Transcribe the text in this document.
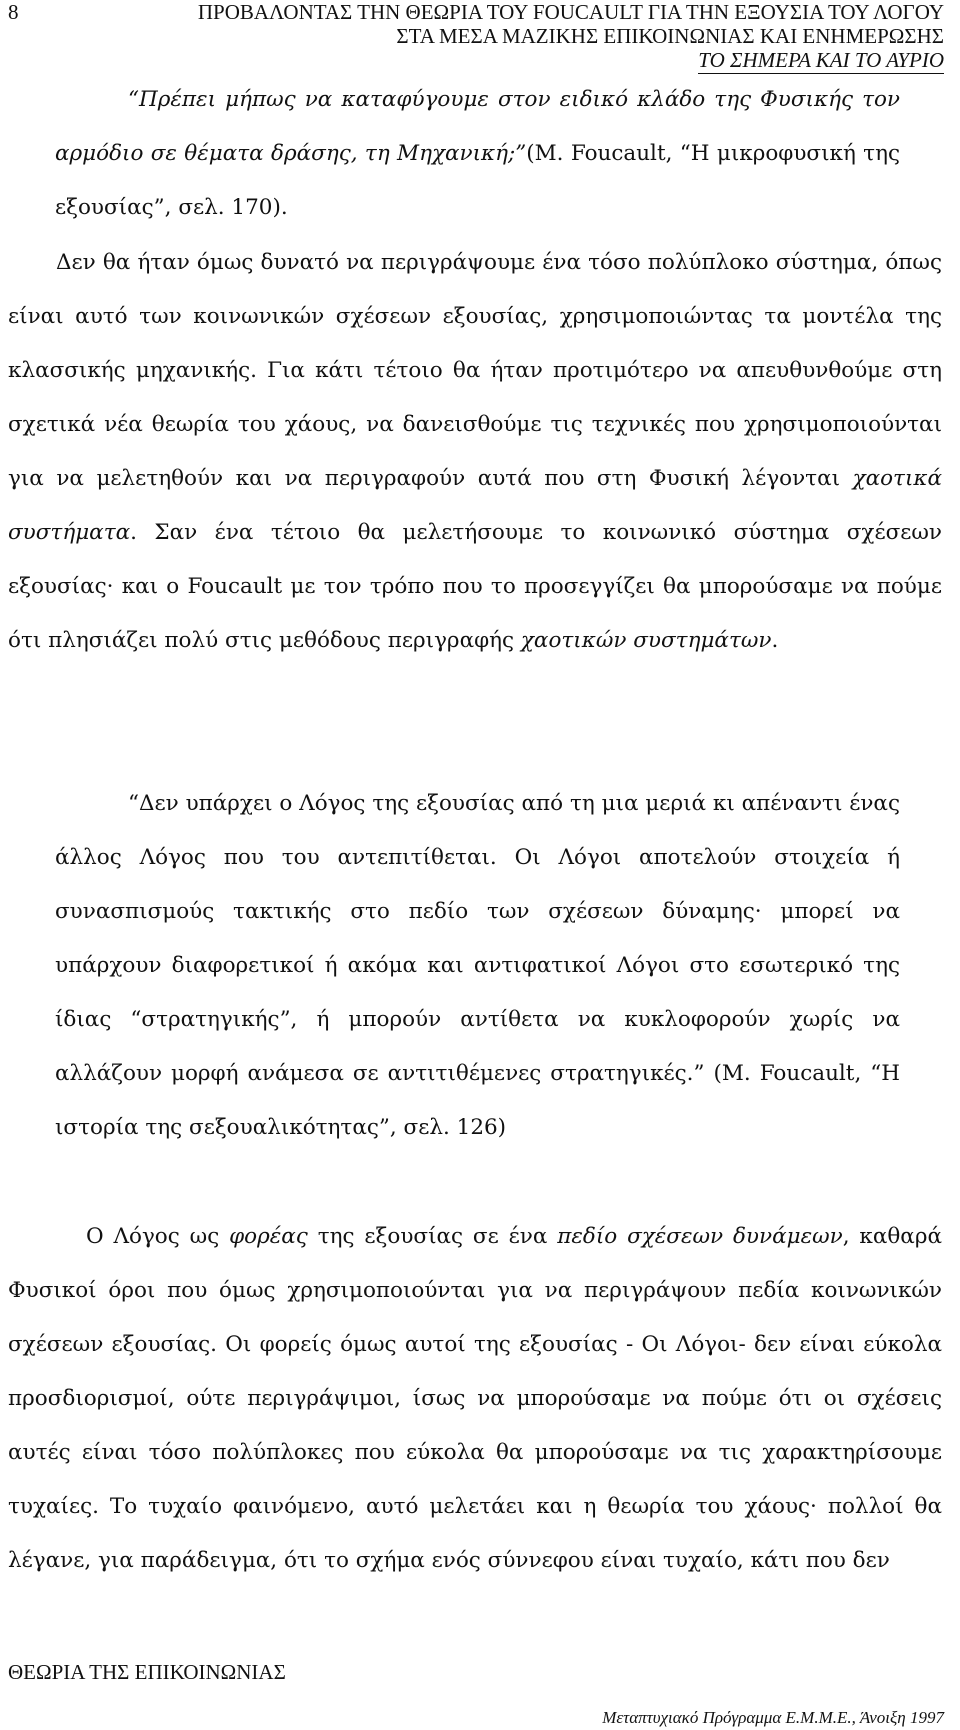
8	ΠΡΟΒΑΛΟΝΤΑΣ ΤΗΝ ΘΕΩΡΙΑ ΤΟΥ FOUCAULT ΓΙΑ ΤΗΝ ΕΞΟΥΣΙΑ ΤΟΥ ΛΟΓΟΥ
ΣΤΑ ΜΕΣΑ ΜΑΖΙΚΗΣ ΕΠΙΚΟΙΝΩΝΙΑΣ ΚΑΙ ΕΝΗΜΕΡΩΣΗΣ
ΤΟ ΣΗΜΕΡΑ ΚΑΙ ΤΟ ΑΥΡΙΟ

“Πρέπει μήπως να καταφύγουμε στον ειδικό κλάδο της Φυσικής τον αρμόδιο σε θέματα δράσης, τη Μηχανική;”(Μ. Foucault, “Η μικροφυσική της εξουσίας”, σελ. 170).

Δεν θα ήταν όμως δυνατό να περιγράψουμε ένα τόσο πολύπλοκο σύστημα, όπως είναι αυτό των κοινωνικών σχέσεων εξουσίας, χρησιμοποιώντας τα μοντέλα της κλασσικής μηχανικής. Για κάτι τέτοιο θα ήταν προτιμότερο να απευθυνθούμε στη σχετικά νέα θεωρία του χάους, να δανεισθούμε τις τεχνικές που χρησιμοποιούνται για να μελετηθούν και να περιγραφούν αυτά που στη Φυσική λέγονται χαοτικά συστήματα. Σαν ένα τέτοιο θα μελετήσουμε το κοινωνικό σύστημα σχέσεων εξουσίας· και ο Foucault με τον τρόπο που το προσεγγίζει θα μπορούσαμε να πούμε ότι πλησιάζει πολύ στις μεθόδους περιγραφής χαοτικών συστημάτων.

“Δεν υπάρχει ο Λόγος της εξουσίας από τη μια μεριά κι απέναντι ένας άλλος Λόγος που του αντεπιτίθεται. Οι Λόγοι αποτελούν στοιχεία ή συνασπισμούς τακτικής στο πεδίο των σχέσεων δύναμης· μπορεί να υπάρχουν διαφορετικοί ή ακόμα και αντιφατικοί Λόγοι στο εσωτερικό της ίδιας “στρατηγικής”, ή μπορούν αντίθετα να κυκλοφορούν χωρίς να αλλάζουν μορφή ανάμεσα σε αντιτιθέμενες στρατηγικές.” (Μ. Foucault, “Η ιστορία της σεξουαλικότητας”, σελ. 126)

Ο Λόγος ως φορέας της εξουσίας σε ένα πεδίο σχέσεων δυνάμεων, καθαρά Φυσικοί όροι που όμως χρησιμοποιούνται για να περιγράψουν πεδία κοινωνικών σχέσεων εξουσίας. Οι φορείς όμως αυτοί της εξουσίας - Οι Λόγοι- δεν είναι εύκολα προσδιορισμοί, ούτε περιγράψιμοι, ίσως να μπορούσαμε να πούμε ότι οι σχέσεις αυτές είναι τόσο πολύπλοκες που εύκολα θα μπορούσαμε να τις χαρακτηρίσουμε τυχαίες. Το τυχαίο φαινόμενο, αυτό μελετάει και η θεωρία του χάους· πολλοί θα λέγανε, για παράδειγμα, ότι το σχήμα ενός σύννεφου είναι τυχαίο, κάτι που δεν

ΘΕΩΡΙΑ ΤΗΣ ΕΠΙΚΟΙΝΩΝΙΑΣ
Μεταπτυχιακό Πρόγραμμα Ε.Μ.Μ.Ε., Άνοιξη 1997
